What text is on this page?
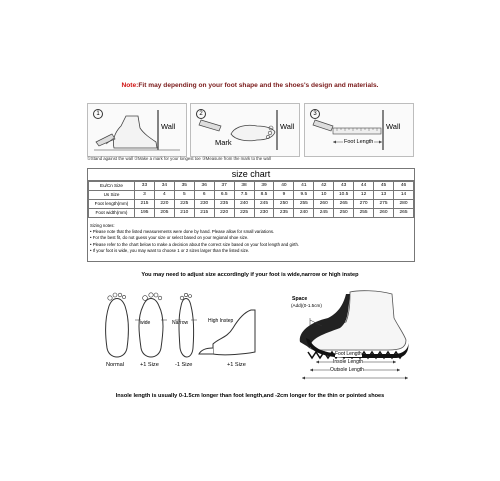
Note:Fit may depending on your foot shape and the shoes's design and materials.
1
Wall
2
Mark
Wall
3
Wall
Foot Length
①Stand against the wall ②Make a mark for your longest toe ③Measure from the mark to the wall
size chart
Eu/Cn Size	33	34	35	36	37	38	39	40	41	42	43	44	45	46
Us Size	3	4	5	6	6.5	7.5	8.5	9	9.5	10	10.5	12	13	14
Foot length(mm)	215	220	225	230	235	240	245	250	255	260	265	270	275	280
Foot width(mm)	195	205	210	215	220	225	230	235	240	245	250	255	260	265
Sizing notes:
• Please note that the listed measurements were done by hand. Please allow for small variations.
• For the best fit, do not guess your size or select based on your regional shoe size.
• Please refer to the chart below to make a decision about the correct size based on your foot length and girth.
• If your foot is wide, you may want to choose 1 or 2 sizes larger than the listed size.
You may need to adjust size accordingly if your foot is wide,narrow or high instep
wide	Narrow	High Instep
Normal	+1 Size	-1 Size	+1 Size
Space
(Add)(0-1.5cm)
Foot Length
Insole Length
Outsole Length
Insole length is usually 0-1.5cm longer than foot length,and -2cm longer for the thin or pointed shoes
